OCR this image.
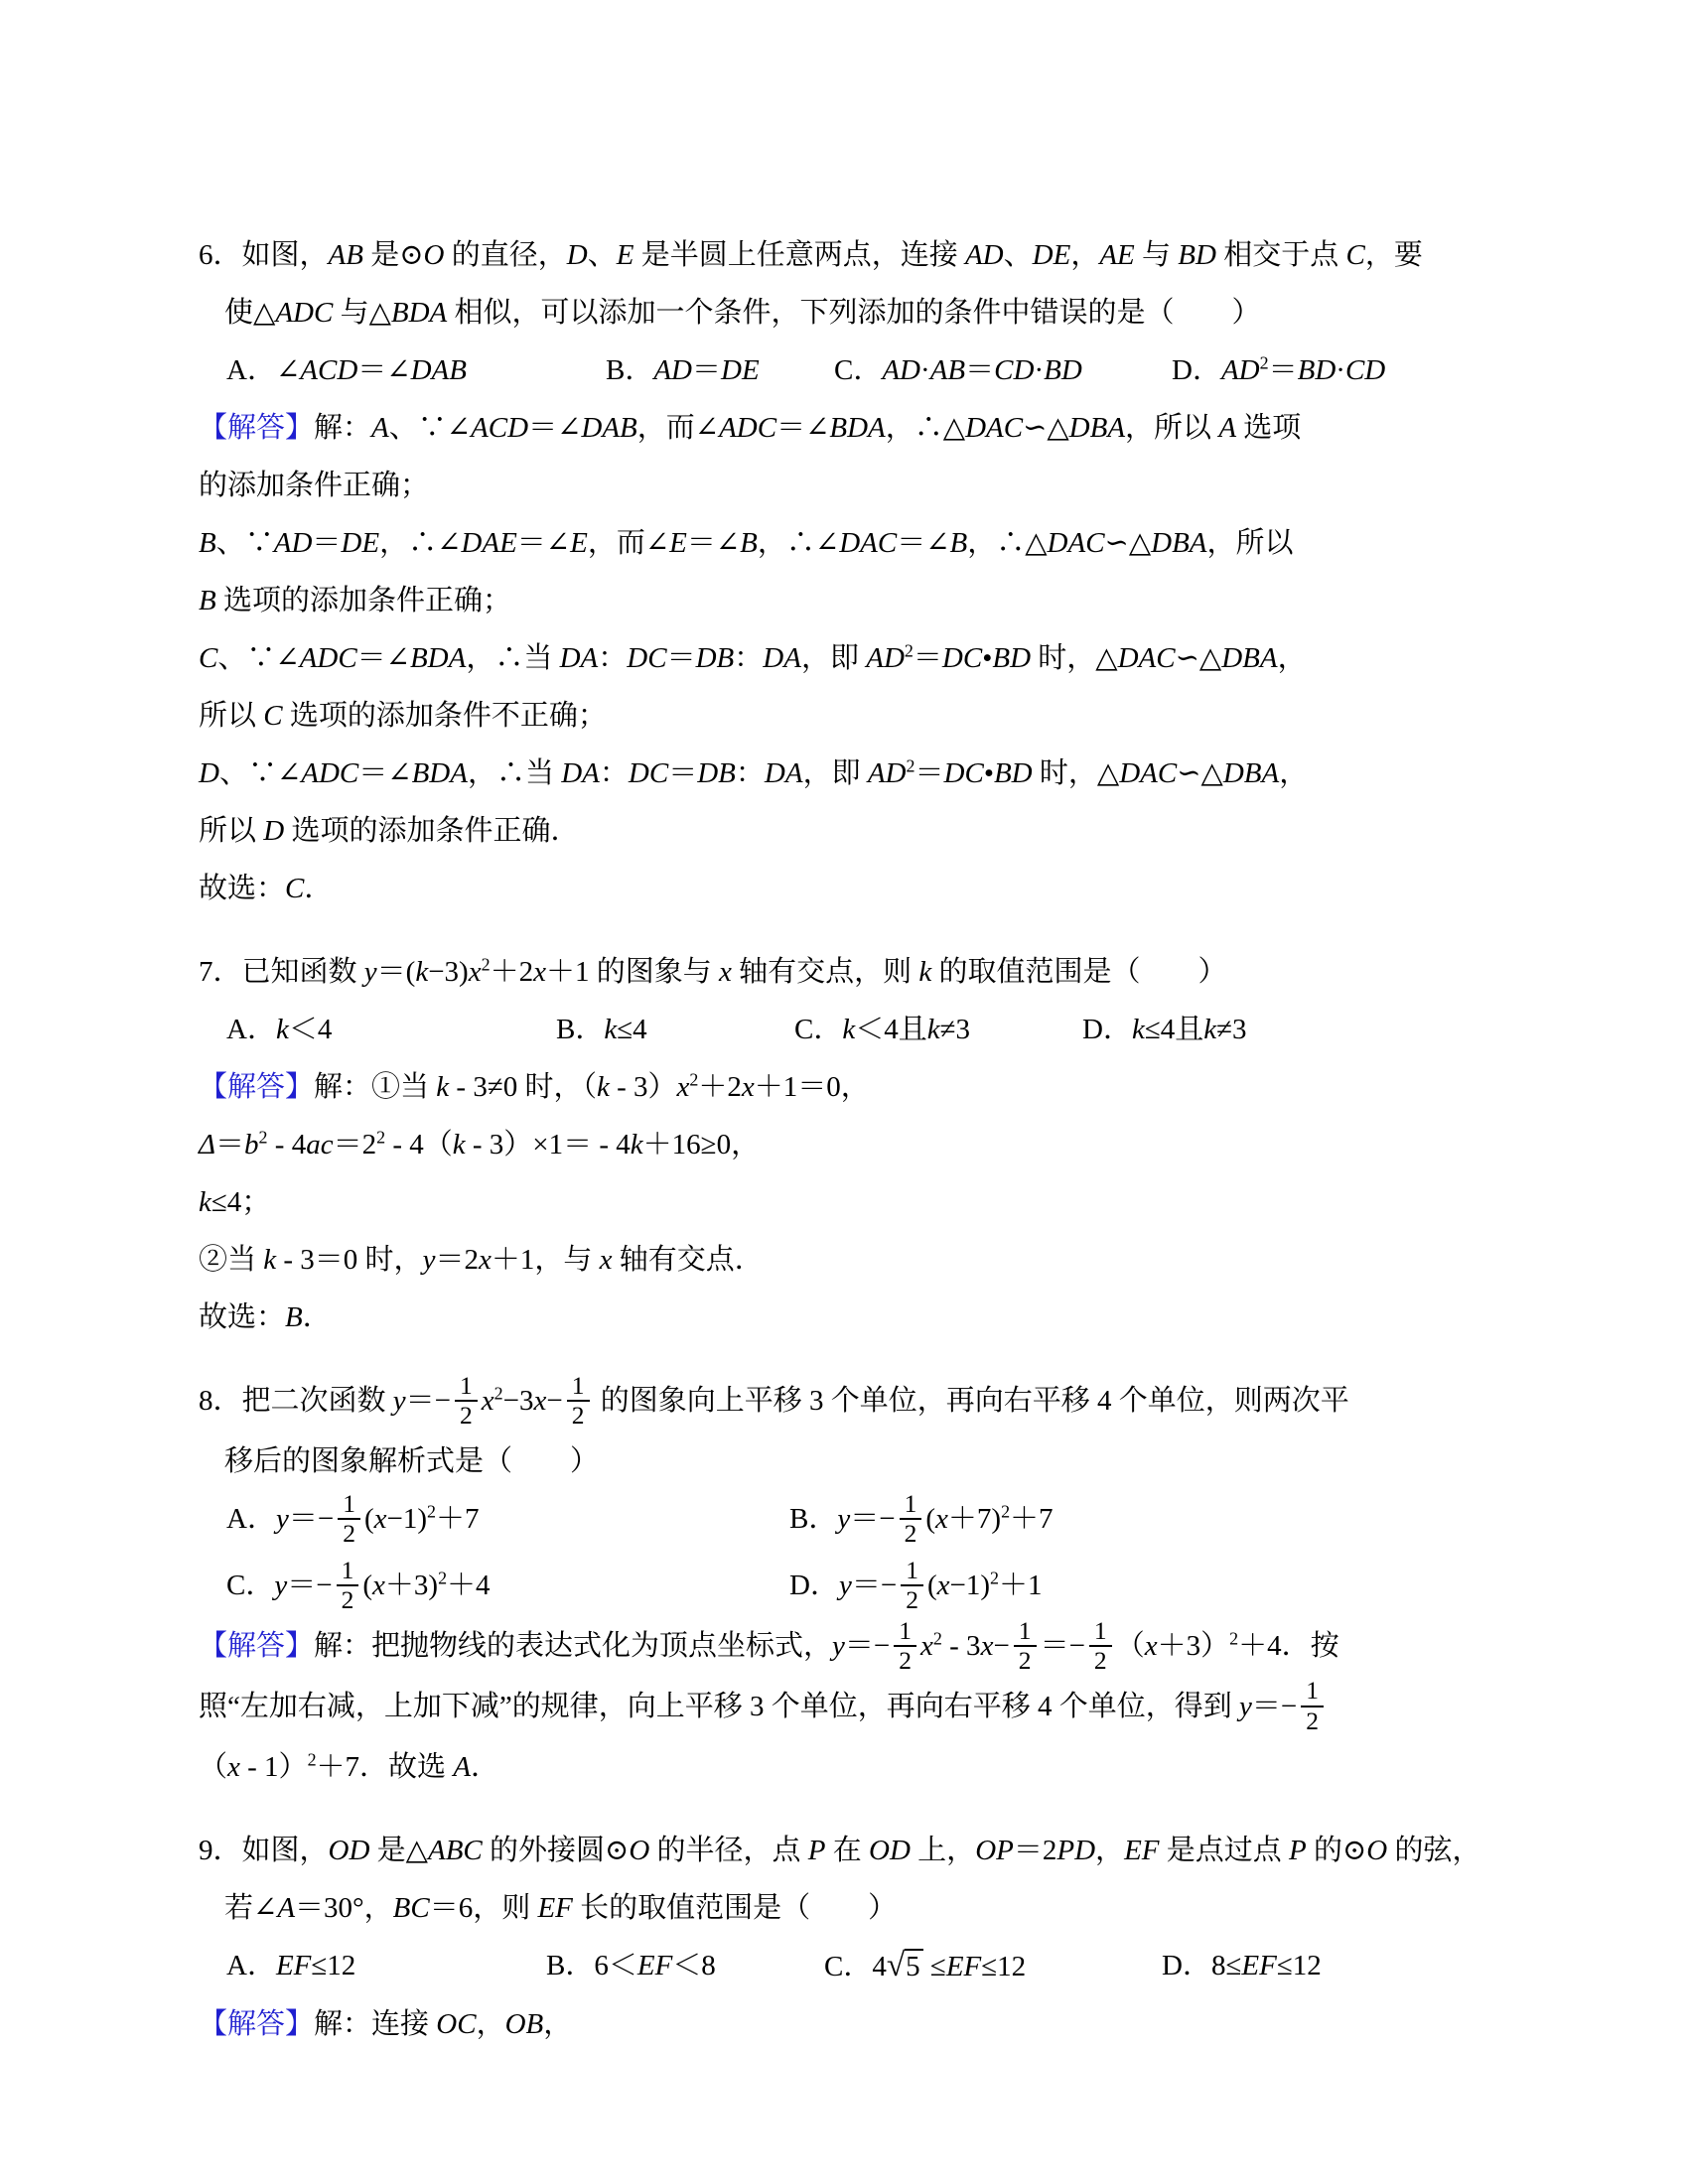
6．如图，AB 是⊙O 的直径，D、E 是半圆上任意两点，连接 AD、DE，AE 与 BD 相交于点 C，要
使△ADC 与△BDA 相似，可以添加一个条件，下列添加的条件中错误的是（　　）
A．∠ACD＝∠DAB	B．AD＝DE	C．AD·AB＝CD·BD	D．$AD^2=BD\cdot CD$
【解答】解：A、∵∠ACD＝∠DAB，而∠ADC＝∠BDA，∴△DAC∽△DBA，所以 A 选项
的添加条件正确；
B、∵AD＝DE，∴∠DAE＝∠E，而∠E＝∠B，∴∠DAC＝∠B，∴△DAC∽△DBA，所以
B 选项的添加条件正确；
C、∵∠ADC＝∠BDA，∴当 DA：DC＝DB：DA，即 $AD^2=DC•BD$ 时，△DAC∽△DBA，
所以 C 选项的添加条件不正确；
D、∵∠ADC＝∠BDA，∴当 DA：DC＝DB：DA，即 $AD^2=DC•BD$ 时，△DAC∽△DBA，
所以 D 选项的添加条件正确．
故选：C．
7．已知函数 $y=(k-3)x^2+2x+1$ 的图象与 x 轴有交点，则 k 的取值范围是（　　）
A．k＜4	B．k≤4	C．k＜4且k≠3	D．k≤4且k≠3
【解答】解：①当 k - 3≠0 时，$(k - 3)x^2+2x+1=0$，
$\Delta=b^2 - 4ac=2^2 - 4(k - 3)\times 1= - 4k+16\ge 0$，
k≤4；
②当 k - 3＝0 时，y＝2x＋1，与 x 轴有交点．
故选：B．
8．把二次函数 $y=- \frac{1}{2} x^2-3x- \frac{1}{2}$ 的图象向上平移 3 个单位，再向右平移 4 个单位，则两次平
移后的图象解析式是（　　）
A．$y=- \frac{1}{2} (x-1)^2+7$	B．$y=- \frac{1}{2} (x+7)^2+7$
C．$y=- \frac{1}{2} (x+3)^2+4$	D．$y=- \frac{1}{2} (x-1)^2+1$
【解答】解：把抛物线的表达式化为顶点坐标式，$y=- \frac{1}{2} x^2 - 3x- \frac{1}{2} =- \frac{1}{2} (x+3)^2+4$．按
照“左加右减，上加下减”的规律，向上平移 3 个单位，再向右平移 4 个单位，得到 $y=- \frac{1}{2}$
（x - 1）$^2$＋7．故选 A．
9．如图，OD 是△ABC 的外接圆⊙O 的半径，点 P 在 OD 上，OP＝2PD，EF 是点过点 P 的⊙O 的弦，
若∠A＝30°，BC＝6，则 EF 长的取值范围是（　　）
A．EF≤12	B．6＜EF＜8	C．4√5 ≤EF≤12	D．8≤EF≤12
【解答】解：连接 OC，OB，
